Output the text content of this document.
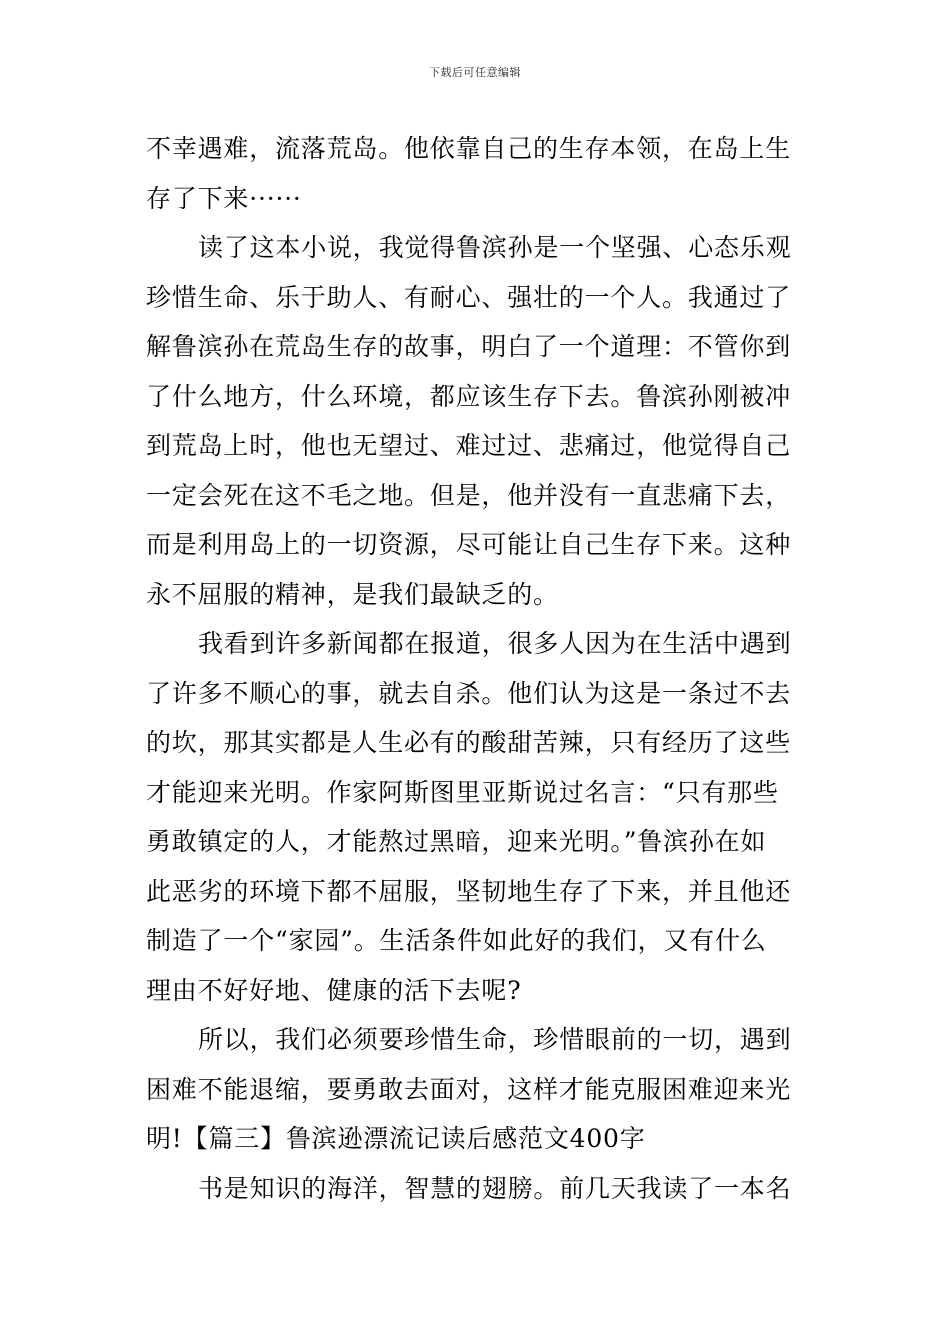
下载后可任意编辑

不幸遇难，流落荒岛。他依靠自己的生存本领，在岛上生
存了下来······

读了这本小说，我觉得鲁滨孙是一个坚强、心态乐观
珍惜生命、乐于助人、有耐心、强壮的一个人。我通过了
解鲁滨孙在荒岛生存的故事，明白了一个道理：不管你到
了什么地方，什么环境，都应该生存下去。鲁滨孙刚被冲
到荒岛上时，他也无望过、难过过、悲痛过，他觉得自己
一定会死在这不毛之地。但是，他并没有一直悲痛下去，
而是利用岛上的一切资源，尽可能让自己生存下来。这种
永不屈服的精神，是我们最缺乏的。

我看到许多新闻都在报道，很多人因为在生活中遇到
了许多不顺心的事，就去自杀。他们认为这是一条过不去
的坎，那其实都是人生必有的酸甜苦辣，只有经历了这些
才能迎来光明。作家阿斯图里亚斯说过名言：“只有那些
勇敢镇定的人，才能熬过黑暗，迎来光明。”鲁滨孙在如
此恶劣的环境下都不屈服，坚韧地生存了下来，并且他还
制造了一个“家园”。生活条件如此好的我们，又有什么
理由不好好地、健康的活下去呢?

所以，我们必须要珍惜生命，珍惜眼前的一切，遇到
困难不能退缩，要勇敢去面对，这样才能克服困难迎来光
明!【篇三】鲁滨逊漂流记读后感范文400字

书是知识的海洋，智慧的翅膀。前几天我读了一本名
